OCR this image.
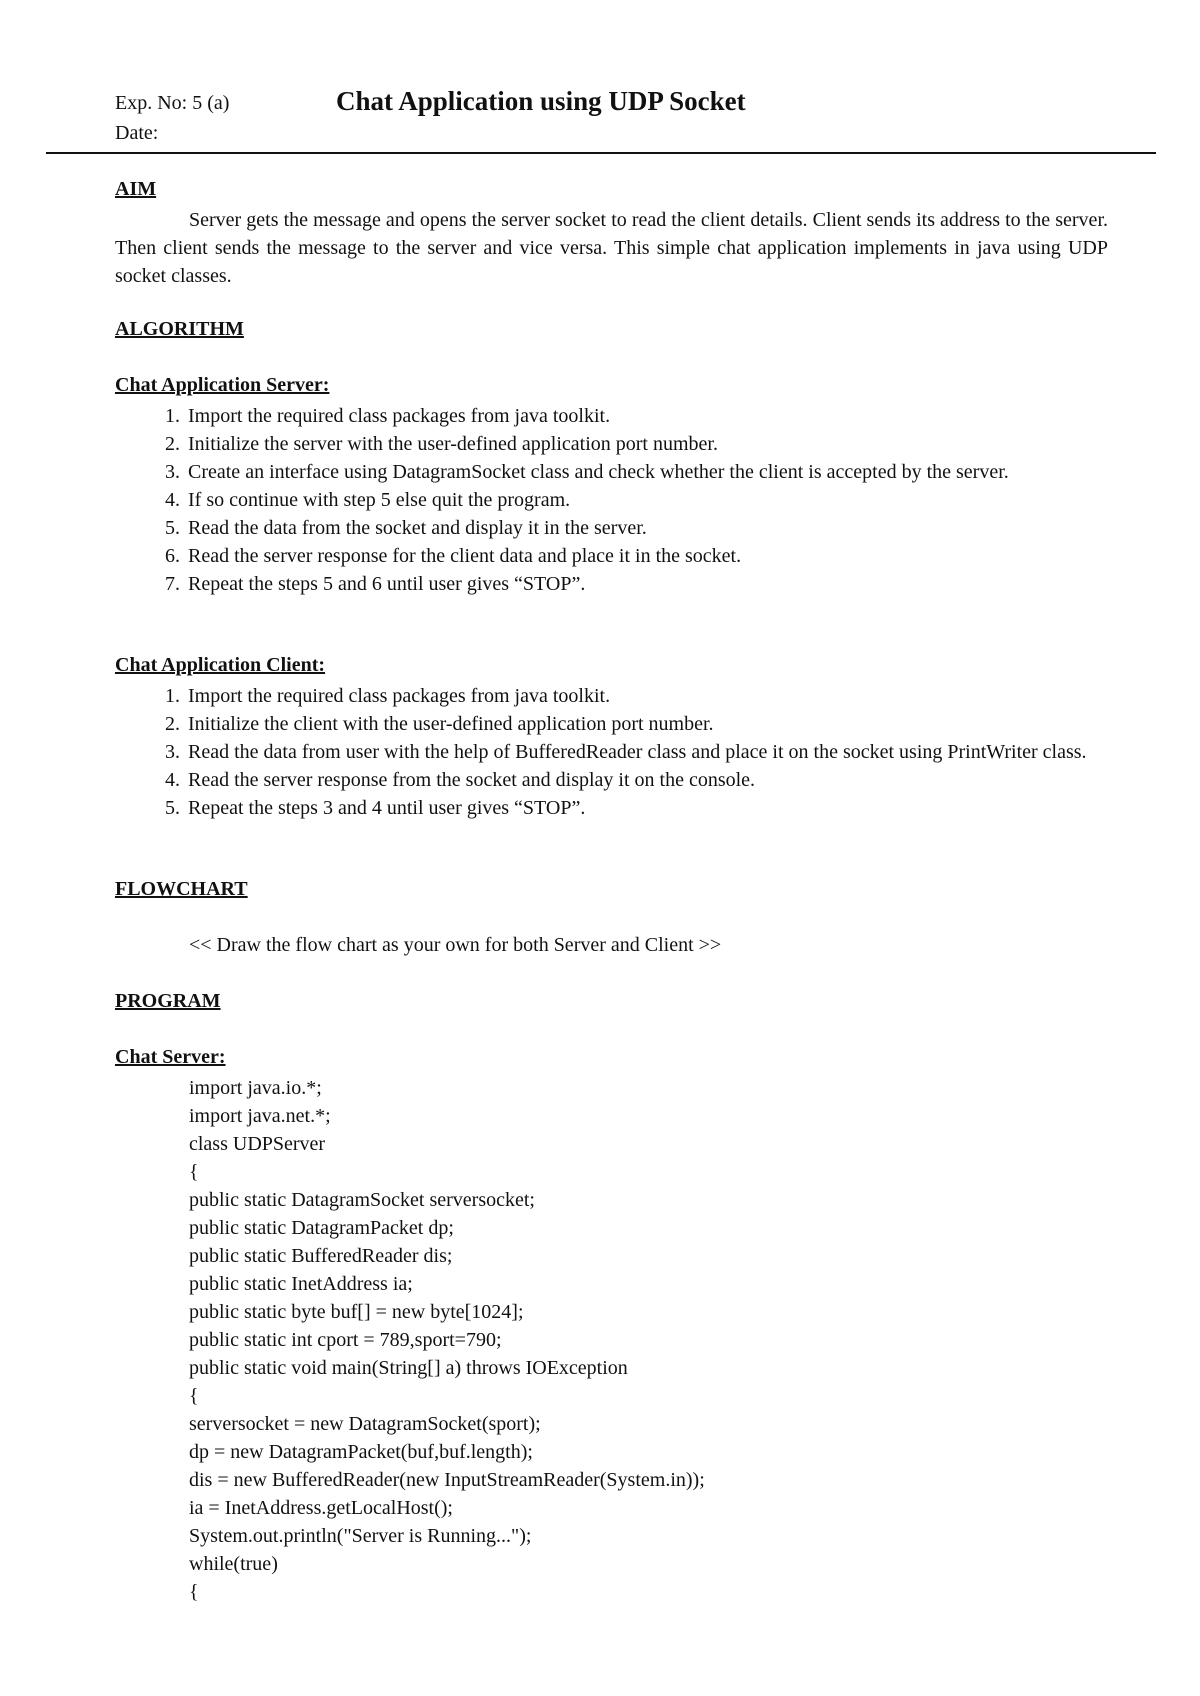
Exp. No: 5 (a)	Chat Application using UDP Socket
Date:
AIM
Server gets the message and opens the server socket to read the client details. Client sends its address to the server. Then client sends the message to the server and vice versa. This simple chat application implements in java using UDP socket classes.
ALGORITHM
Chat Application Server:
1. Import the required class packages from java toolkit.
2. Initialize the server with the user-defined application port number.
3. Create an interface using DatagramSocket class and check whether the client is accepted by the server.
4. If so continue with step 5 else quit the program.
5. Read the data from the socket and display it in the server.
6. Read the server response for the client data and place it in the socket.
7. Repeat the steps 5 and 6 until user gives “STOP”.
Chat Application Client:
1. Import the required class packages from java toolkit.
2. Initialize the client with the user-defined application port number.
3. Read the data from user with the help of BufferedReader class and place it on the socket using PrintWriter class.
4. Read the server response from the socket and display it on the console.
5. Repeat the steps 3 and 4 until user gives “STOP”.
FLOWCHART
<< Draw the flow chart as your own for both Server and Client >>
PROGRAM
Chat Server:
import java.io.*;
import java.net.*;
class UDPServer
{
public static DatagramSocket serversocket;
public static DatagramPacket dp;
public static BufferedReader dis;
public static InetAddress ia;
public static byte buf[] = new byte[1024];
public static int cport = 789,sport=790;
public static void main(String[] a) throws IOException
{
serversocket = new DatagramSocket(sport);
dp = new DatagramPacket(buf,buf.length);
dis = new BufferedReader(new InputStreamReader(System.in));
ia = InetAddress.getLocalHost();
System.out.println("Server is Running...");
while(true)
{
